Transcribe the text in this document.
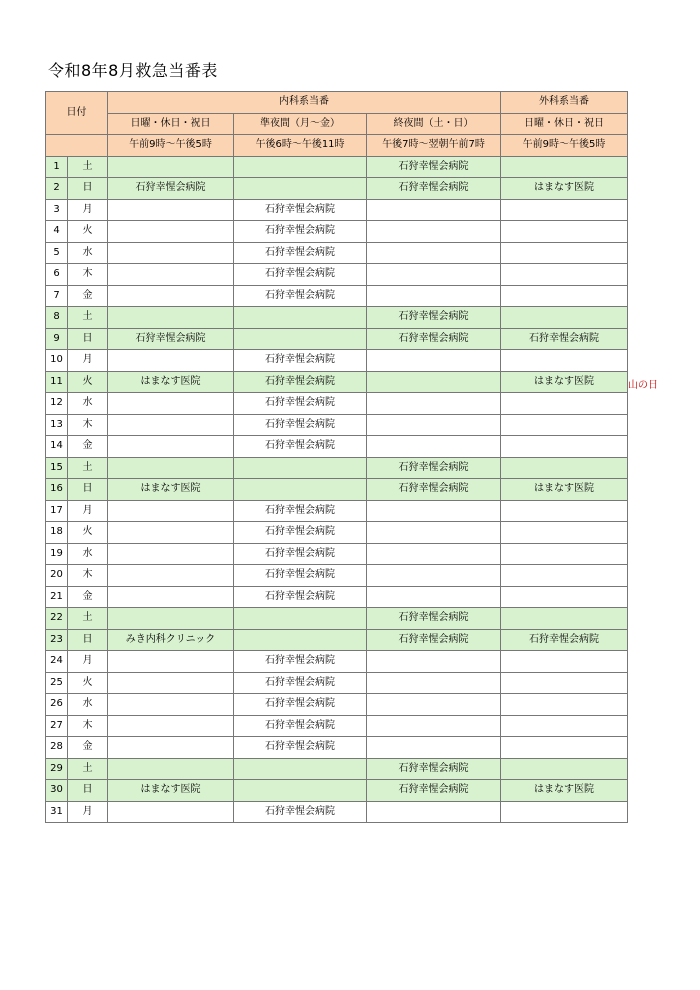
令和8年8月救急当番表
日付		内科系当番			外科系当番
		日曜・休日・祝日	準夜間（月～金）	終夜間（土・日）	日曜・休日・祝日
		午前9時～午後5時	午後6時～午後11時	午後7時～翌朝午前7時	午前9時～午後5時
1	土			石狩幸惺会病院	
2	日	石狩幸惺会病院		石狩幸惺会病院	はまなす医院
3	月		石狩幸惺会病院		
4	火		石狩幸惺会病院		
5	水		石狩幸惺会病院		
6	木		石狩幸惺会病院		
7	金		石狩幸惺会病院		
8	土			石狩幸惺会病院	
9	日	石狩幸惺会病院		石狩幸惺会病院	石狩幸惺会病院
10	月		石狩幸惺会病院		
11	火	はまなす医院	石狩幸惺会病院		はまなす医院
12	水		石狩幸惺会病院		
13	木		石狩幸惺会病院		
14	金		石狩幸惺会病院		
15	土			石狩幸惺会病院	
16	日	はまなす医院		石狩幸惺会病院	はまなす医院
17	月		石狩幸惺会病院		
18	火		石狩幸惺会病院		
19	水		石狩幸惺会病院		
20	木		石狩幸惺会病院		
21	金		石狩幸惺会病院		
22	土			石狩幸惺会病院	
23	日	みき内科クリニック		石狩幸惺会病院	石狩幸惺会病院
24	月		石狩幸惺会病院		
25	火		石狩幸惺会病院		
26	水		石狩幸惺会病院		
27	木		石狩幸惺会病院		
28	金		石狩幸惺会病院		
29	土			石狩幸惺会病院	
30	日	はまなす医院		石狩幸惺会病院	はまなす医院
31	月		石狩幸惺会病院		
山の日
